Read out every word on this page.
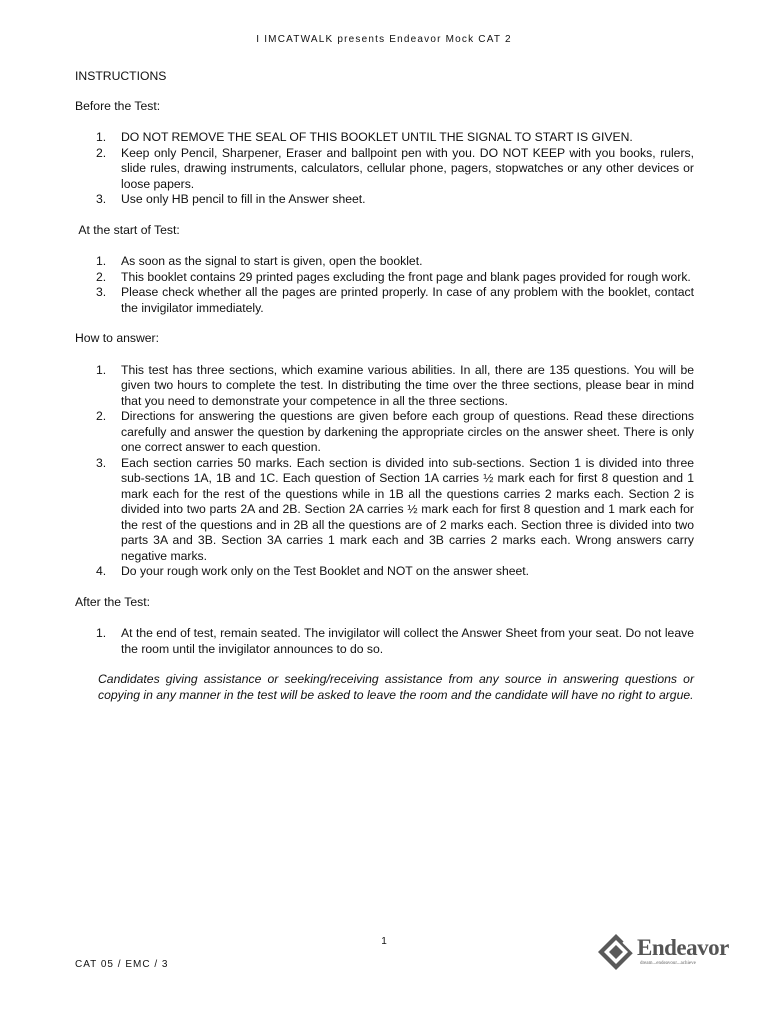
I IMCATWALK presents Endeavor Mock CAT 2

INSTRUCTIONS

Before the Test:

1. DO NOT REMOVE THE SEAL OF THIS BOOKLET UNTIL THE SIGNAL TO START IS GIVEN.
2. Keep only Pencil, Sharpener, Eraser and ballpoint pen with you. DO NOT KEEP with you books, rulers, slide rules, drawing instruments, calculators, cellular phone, pagers, stopwatches or any other devices or loose papers.
3. Use only HB pencil to fill in the Answer sheet.

At the start of Test:

1. As soon as the signal to start is given, open the booklet.
2. This booklet contains 29 printed pages excluding the front page and blank pages provided for rough work.
3. Please check whether all the pages are printed properly. In case of any problem with the booklet, contact the invigilator immediately.

How to answer:

1. This test has three sections, which examine various abilities. In all, there are 135 questions. You will be given two hours to complete the test. In distributing the time over the three sections, please bear in mind that you need to demonstrate your competence in all the three sections.
2. Directions for answering the questions are given before each group of questions. Read these directions carefully and answer the question by darkening the appropriate circles on the answer sheet. There is only one correct answer to each question.
3. Each section carries 50 marks. Each section is divided into sub-sections. Section 1 is divided into three sub-sections 1A, 1B and 1C. Each question of Section 1A carries ½ mark each for first 8 question and 1 mark each for the rest of the questions while in 1B all the questions carries 2 marks each. Section 2 is divided into two parts 2A and 2B. Section 2A carries ½ mark each for first 8 question and 1 mark each for the rest of the questions and in 2B all the questions are of 2 marks each. Section three is divided into two parts 3A and 3B. Section 3A carries 1 mark each and 3B carries 2 marks each. Wrong answers carry negative marks.
4. Do your rough work only on the Test Booklet and NOT on the answer sheet.

After the Test:

1. At the end of test, remain seated. The invigilator will collect the Answer Sheet from your seat. Do not leave the room until the invigilator announces to do so.

Candidates giving assistance or seeking/receiving assistance from any source in answering questions or copying in any manner in the test will be asked to leave the room and the candidate will have no right to argue.

1
CAT 05 / EMC / 3
Endeavor
dream...endeavour...achieve
